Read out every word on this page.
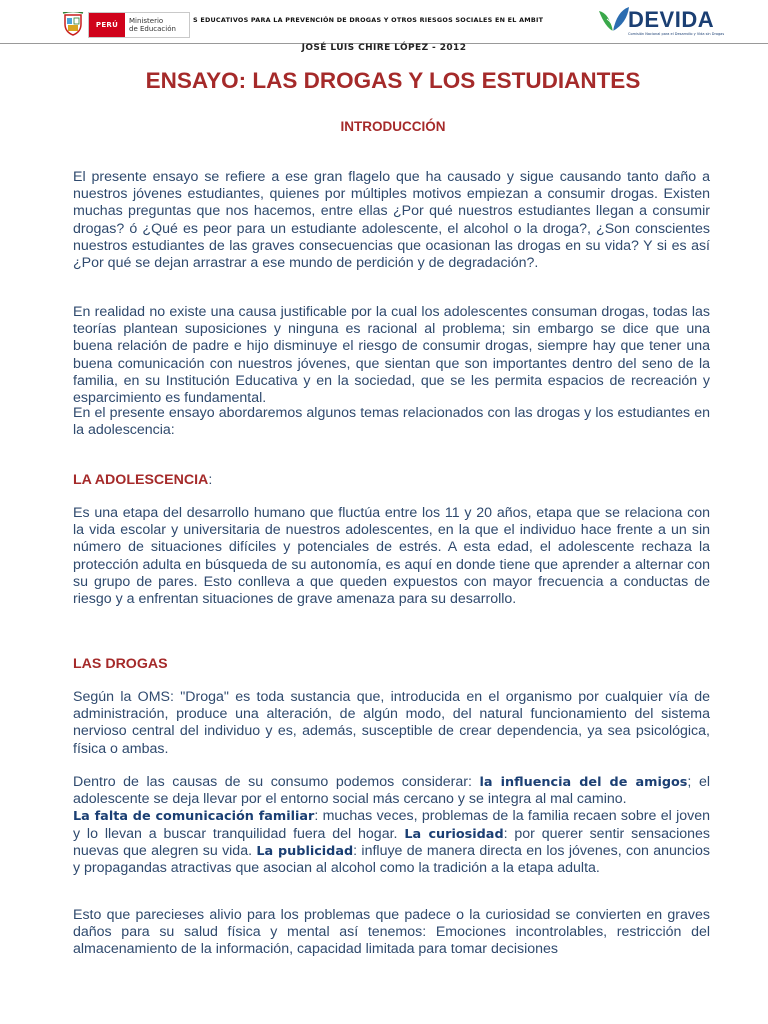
PERÚ	Ministerio
de Educación
S EDUCATIVOS PARA LA PREVENCIÓN DE DROGAS Y OTROS RIESGOS SOCIALES EN EL AMBIT	DEVIDA
Comisión Nacional para el Desarrollo y Vida sin Drogas
JOSÉ LUIS CHIRE LÓPEZ - 2012
ENSAYO: LAS DROGAS Y LOS ESTUDIANTES
INTRODUCCIÓN

El presente ensayo se refiere a ese gran flagelo que ha causado y sigue causando tanto daño a nuestros jóvenes estudiantes, quienes por múltiples motivos empiezan a consumir drogas. Existen muchas preguntas que nos hacemos, entre ellas ¿Por qué nuestros estudiantes llegan a consumir drogas? ó ¿Qué es peor para un estudiante adolescente, el alcohol o la droga?, ¿Son conscientes nuestros estudiantes de las graves consecuencias que ocasionan las drogas en su vida? Y si es así ¿Por qué se dejan arrastrar a ese mundo de perdición y de degradación?.

En realidad no existe una causa justificable por la cual los adolescentes consuman drogas, todas las teorías plantean suposiciones y ninguna es racional al problema; sin embargo se dice que una buena relación de padre e hijo disminuye el riesgo de consumir drogas, siempre hay que tener una buena comunicación con nuestros jóvenes, que sientan que son importantes dentro del seno de la familia, en su Institución Educativa y en la sociedad, que se les permita espacios de recreación y esparcimiento es fundamental.

En el presente ensayo abordaremos algunos temas relacionados con las drogas y los estudiantes en la adolescencia:

LA ADOLESCENCIA:

Es una etapa del desarrollo humano que fluctúa entre los 11 y 20 años, etapa que se relaciona con la vida escolar y universitaria de nuestros adolescentes, en la que el individuo hace frente a un sin número de situaciones difíciles y potenciales de estrés. A esta edad, el adolescente rechaza la protección adulta en búsqueda de su autonomía, es aquí en donde tiene que aprender a alternar con su grupo de pares. Esto conlleva a que queden expuestos con mayor frecuencia a conductas de riesgo y a enfrentan situaciones de grave amenaza para su desarrollo.

LAS DROGAS

Según la OMS: "Droga" es toda sustancia que, introducida en el organismo por cualquier vía de administración, produce una alteración, de algún modo, del natural funcionamiento del sistema nervioso central del individuo y es, además, susceptible de crear dependencia, ya sea psicológica, física o ambas.

Dentro de las causas de su consumo podemos considerar: la influencia del de amigos; el adolescente se deja llevar por el entorno social más cercano y se integra al mal camino.
La falta de comunicación familiar: muchas veces, problemas de la familia recaen sobre el joven y lo llevan a buscar tranquilidad fuera del hogar. La curiosidad: por querer sentir sensaciones nuevas que alegren su vida. La publicidad: influye de manera directa en los jóvenes, con anuncios y propagandas atractivas que asocian al alcohol como la tradición a la etapa adulta.

Esto que parecieses alivio para los problemas que padece o la curiosidad se convierten en graves daños para su salud física y mental así tenemos: Emociones incontrolables, restricción del almacenamiento de la información, capacidad limitada para tomar decisiones
